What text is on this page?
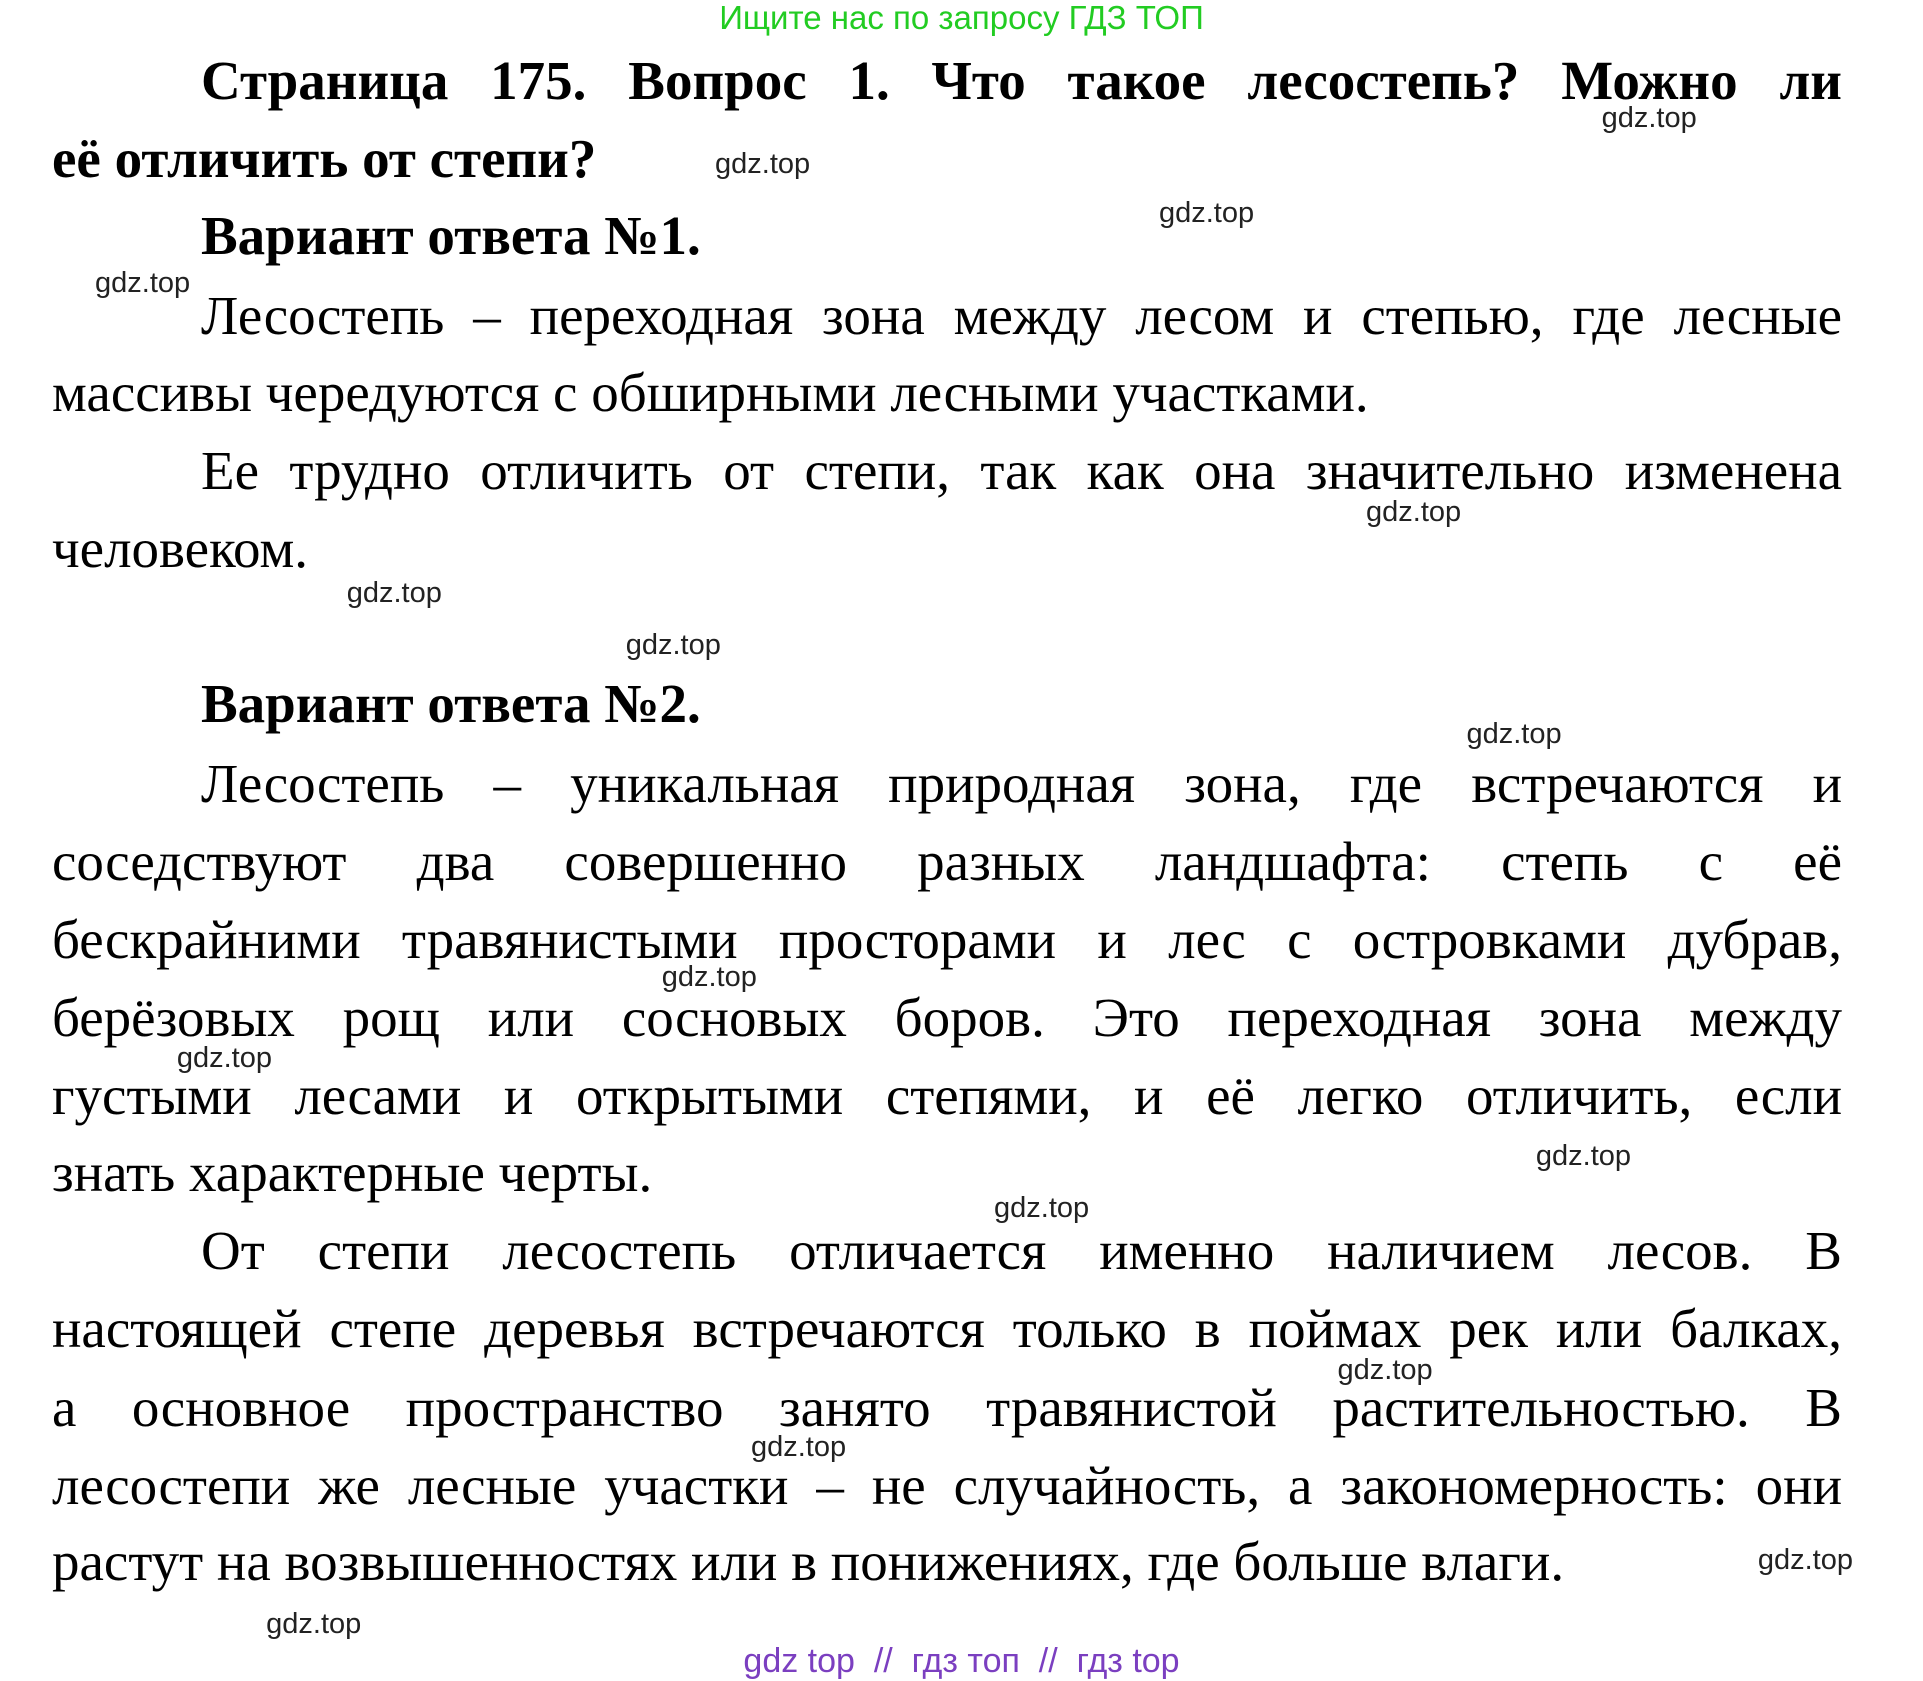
Ищите нас по запросу ГДЗ ТОП
Страница 175. Вопрос 1. Что такое лесостепь? Можно ли
её отличить от степи?
Вариант ответа №1.
Лесостепь – переходная зона между лесом и степью, где лесные
массивы чередуются с обширными лесными участками.
Ее трудно отличить от степи, так как она значительно изменена
человеком.
Вариант ответа №2.
Лесостепь – уникальная природная зона, где встречаются и
соседствуют два совершенно разных ландшафта: степь с её
бескрайними травянистыми просторами и лес с островками дубрав,
берёзовых рощ или сосновых боров. Это переходная зона между
густыми лесами и открытыми степями, и её легко отличить, если
знать характерные черты.
От степи лесостепь отличается именно наличием лесов. В
настоящей степе деревья встречаются только в поймах рек или балках,
а основное пространство занято травянистой растительностью. В
лесостепи же лесные участки – не случайность, а закономерность: они
растут на возвышенностях или в понижениях, где больше влаги.
gdz.top
gdz.top
gdz.top
gdz.top
gdz.top
gdz.top
gdz.top
gdz.top
gdz.top
gdz.top
gdz.top
gdz.top
gdz.top
gdz.top
gdz.top
gdz.top
gdz top  //  гдз топ  //  гдз top
